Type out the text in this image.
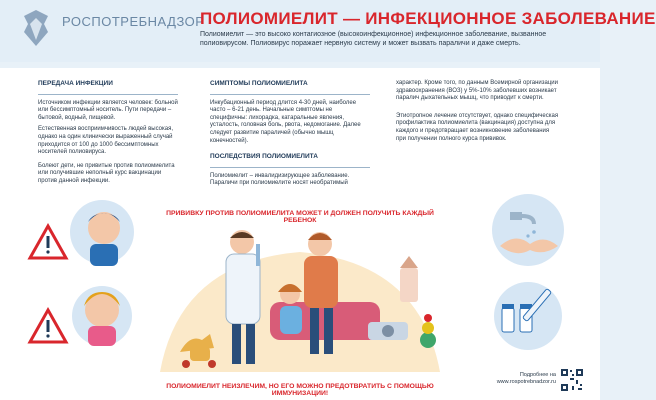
РОСПОТРЕБНАДЗОР
ПОЛИОМИЕЛИТ — ИНФЕКЦИОННОЕ ЗАБОЛЕВАНИЕ
Полиомиелит — это высоко контагиозное (высокоинфекционное) инфекционное заболевание, вызванное полиовирусом. Полиовирус поражает нервную систему и может вызвать параличи и даже смерть.
ПЕРЕДАЧА ИНФЕКЦИИ

Источником инфекции является человек: больной или бессимптомный носитель. Пути передачи – бытовой, водный, пищевой.

Естественная восприимчивость людей высокая, однако на один клинически выраженный случай приходится от 100 до 1000 бессимптомных носителей полиовируса.

Болеют дети, не привитые против полиомиелита или получившие неполный курс вакцинации против данной инфекции.

СИМПТОМЫ ПОЛИОМИЕЛИТА

Инкубационный период длится 4-30 дней, наиболее часто – 6-21 день. Начальные симптомы не специфичны: лихорадка, катаральные явления, усталость, головная боль, рвота, недомогание. Далее следует развитие параличей (обычно мышц конечностей).

ПОСЛЕДСТВИЯ ПОЛИОМИЕЛИТА

Полиомиелит – инвалидизирующее заболевание. Параличи при полиомиелите носят необратимый

характер. Кроме того, по данным Всемирной организации здравоохранения (ВОЗ) у 5%-10% заболевших возникает паралич дыхательных мышц, что приводит к смерти.

Этиотропное лечение отсутствует, однако специфическая профилактика полиомиелита (вакцинация) доступна для каждого и предотвращает возникновение заболевания при получении полного курса прививок.

ПРИВИВКУ ПРОТИВ ПОЛИОМИЕЛИТА МОЖЕТ И ДОЛЖЕН ПОЛУЧИТЬ КАЖДЫЙ РЕБЕНОК
ПОЛИОМИЕЛИТ НЕИЗЛЕЧИМ, НО ЕГО МОЖНО ПРЕДОТВРАТИТЬ С ПОМОЩЬЮ ИММУНИЗАЦИИ!
Подробнее на
www.rospotrebnadzor.ru
